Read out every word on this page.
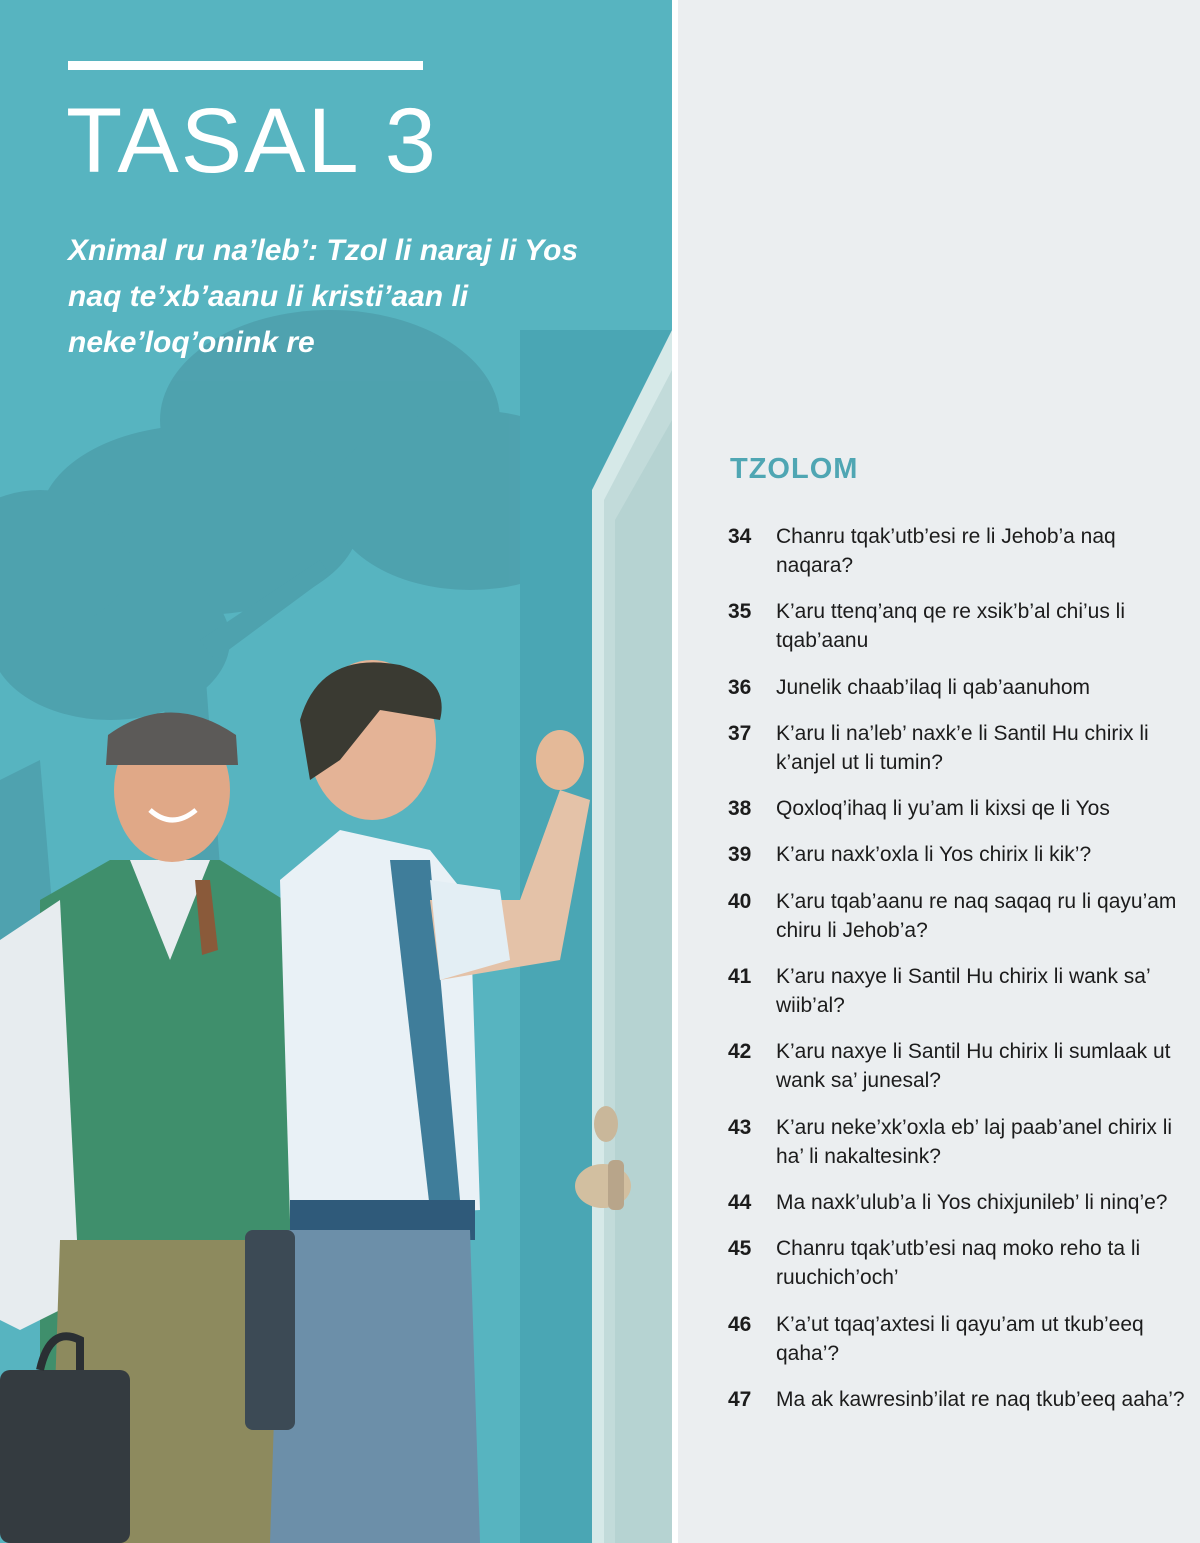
TASAL 3

Xnimal ru na’leb’: Tzol li naraj li Yos naq te’xb’aanu li kristi’aan li neke’loq’onink re

TZOLOM
34	Chanru tqak’utb’esi re li Jehob’a naq naqara?
35	K’aru ttenq’anq qe re xsik’b’al chi’us li tqab’aanu
36	Junelik chaab’ilaq li qab’aanuhom
37	K’aru li na’leb’ naxk’e li Santil Hu chirix li k’anjel ut li tumin?
38	Qoxloq’ihaq li yu’am li kixsi qe li Yos
39	K’aru naxk’oxla li Yos chirix li kik’?
40	K’aru tqab’aanu re naq saqaq ru li qayu’am chiru li Jehob’a?
41	K’aru naxye li Santil Hu chirix li wank sa’ wiib’al?
42	K’aru naxye li Santil Hu chirix li sumlaak ut wank sa’ junesal?
43	K’aru neke’xk’oxla eb’ laj paab’anel chirix li ha’ li nakaltesink?
44	Ma naxk’ulub’a li Yos chixjunileb’ li ninq’e?
45	Chanru tqak’utb’esi naq moko reho ta li ruuchich’och’
46	K’a’ut tqaq’axtesi li qayu’am ut tkub’eeq qaha’?
47	Ma ak kawresinb’ilat re naq tkub’eeq aaha’?
